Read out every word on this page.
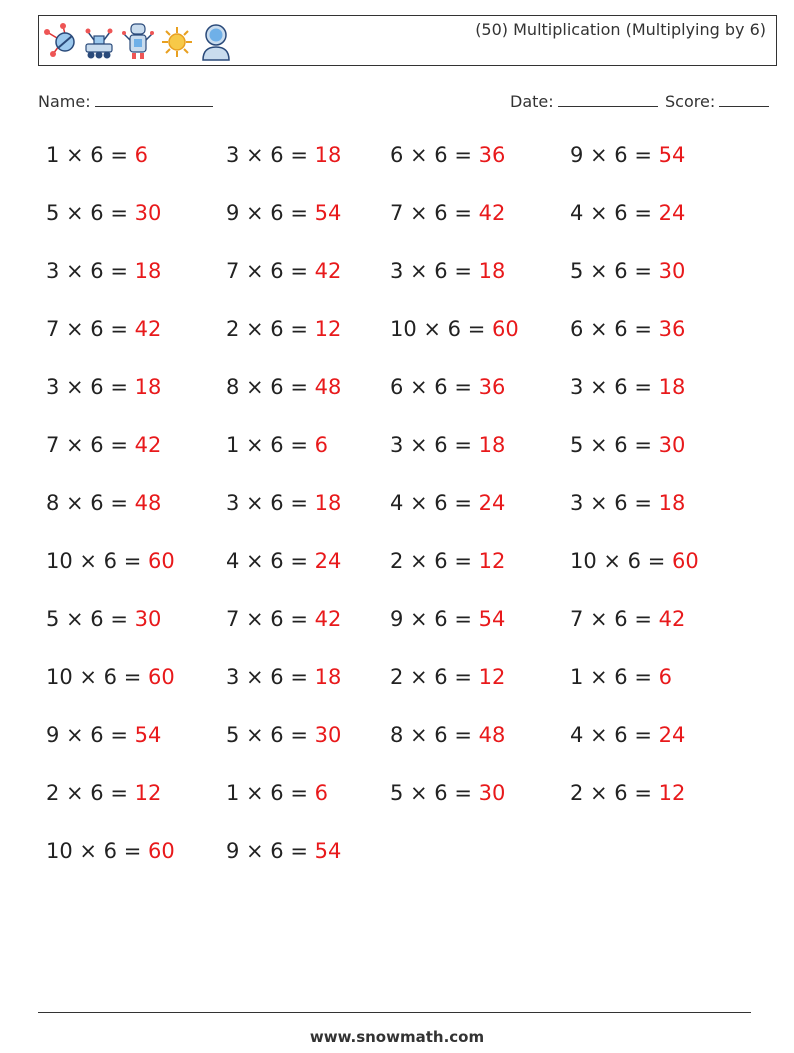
(50) Multiplication (Multiplying by 6)
Name:	Date:	Score:
1 × 6 = 6
5 × 6 = 30
3 × 6 = 18
7 × 6 = 42
3 × 6 = 18
7 × 6 = 42
8 × 6 = 48
10 × 6 = 60
5 × 6 = 30
10 × 6 = 60
9 × 6 = 54
2 × 6 = 12
10 × 6 = 60
3 × 6 = 18
9 × 6 = 54
7 × 6 = 42
2 × 6 = 12
8 × 6 = 48
1 × 6 = 6
3 × 6 = 18
4 × 6 = 24
7 × 6 = 42
3 × 6 = 18
5 × 6 = 30
1 × 6 = 6
9 × 6 = 54
6 × 6 = 36
7 × 6 = 42
3 × 6 = 18
10 × 6 = 60
6 × 6 = 36
3 × 6 = 18
4 × 6 = 24
2 × 6 = 12
9 × 6 = 54
2 × 6 = 12
8 × 6 = 48
5 × 6 = 30
9 × 6 = 54
4 × 6 = 24
5 × 6 = 30
6 × 6 = 36
3 × 6 = 18
5 × 6 = 30
3 × 6 = 18
10 × 6 = 60
7 × 6 = 42
1 × 6 = 6
4 × 6 = 24
2 × 6 = 12
www.snowmath.com
